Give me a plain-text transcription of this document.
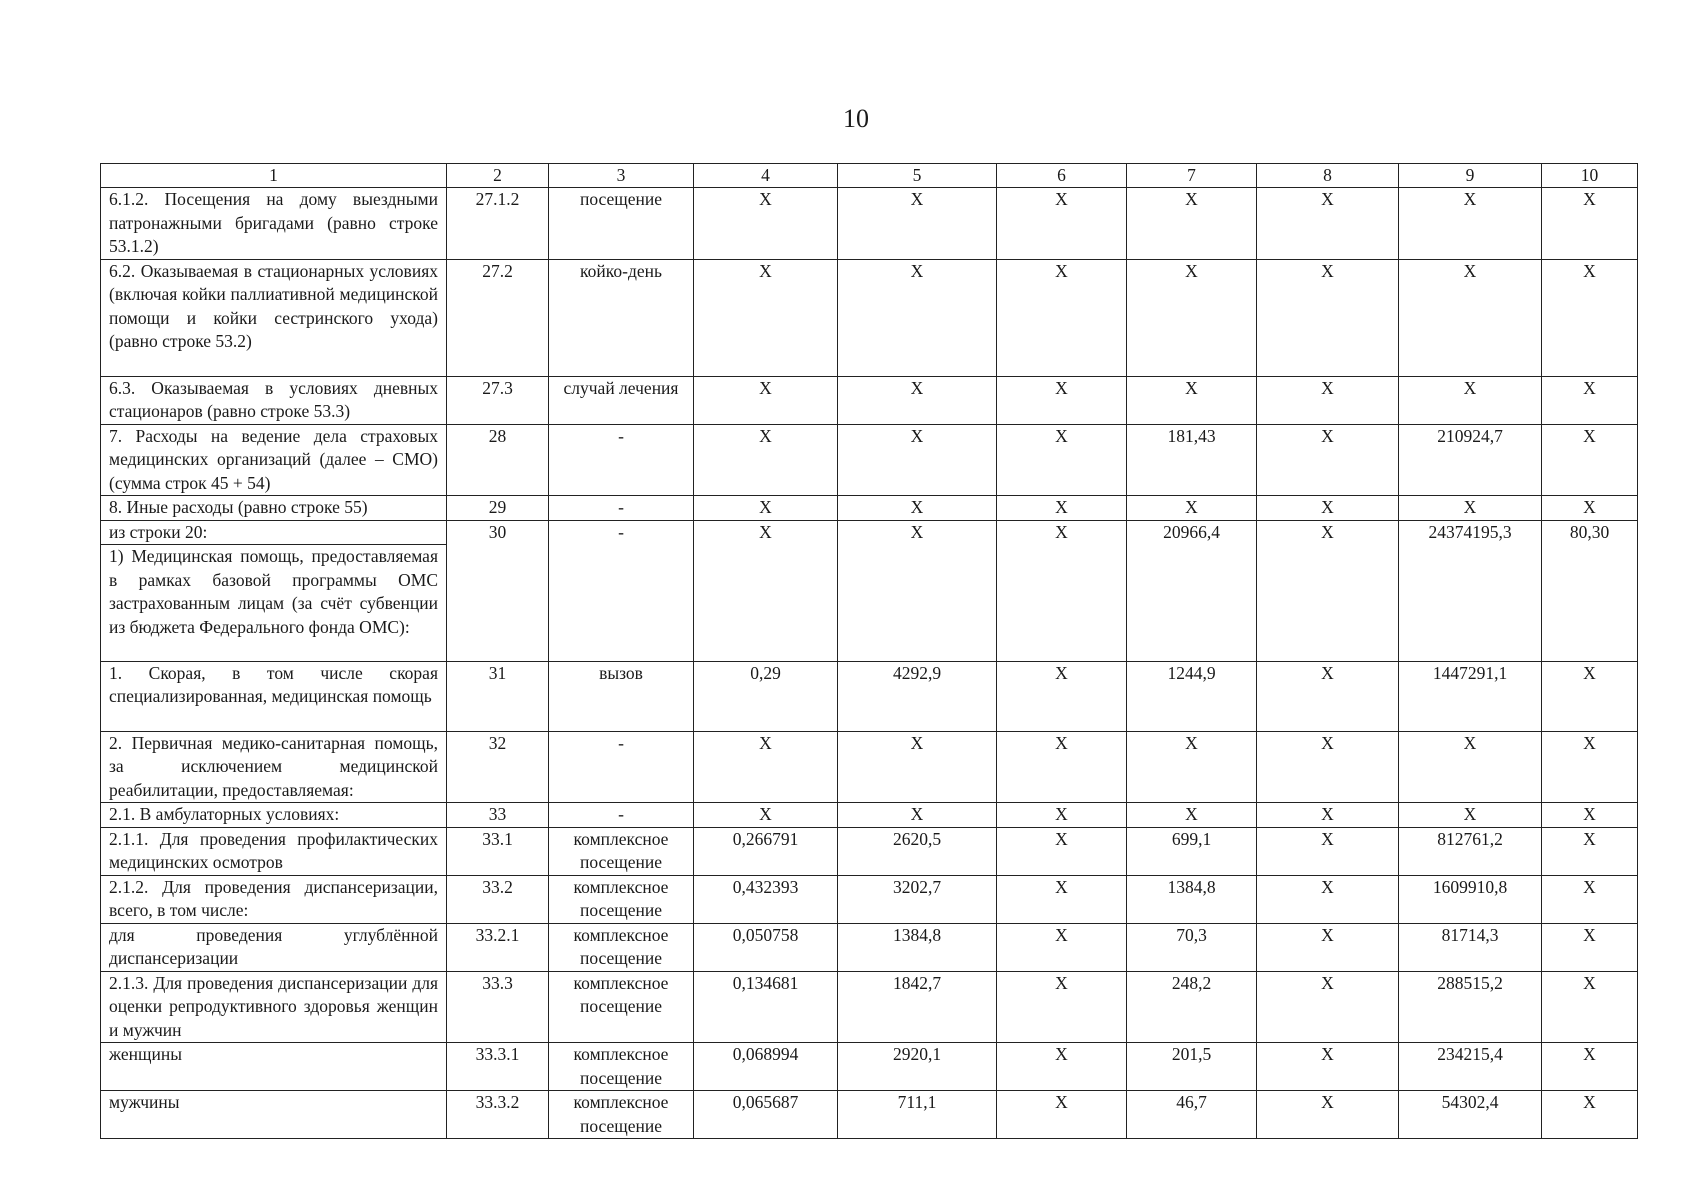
10
1	2	3	4	5	6	7	8	9	10
6.1.2. Посещения на дому выездными патронажными бригадами (равно строке 53.1.2)	27.1.2	посещение	Х	Х	Х	Х	Х	Х	Х
6.2. Оказываемая в стационарных условиях (включая койки паллиативной медицинской помощи и койки сестринского ухода) (равно строке 53.2)	27.2	койко-день	Х	Х	Х	Х	Х	Х	Х
6.3. Оказываемая в условиях дневных стационаров (равно строке 53.3)	27.3	случай лечения	Х	Х	Х	Х	Х	Х	Х
7. Расходы на ведение дела страховых медицинских организаций (далее – СМО) (сумма строк 45 + 54)	28	-	Х	Х	Х	181,43	Х	210924,7	Х
8. Иные расходы (равно строке 55)	29	-	Х	Х	Х	Х	Х	Х	Х

из строки 20:
1) Медицинская помощь, предоставляемая в рамках базовой программы ОМС застрахованным лицам (за счёт субвенции из бюджета Федерального фонда ОМС):	30	-	Х	Х	Х	20966,4	Х	24374195,3	80,30
1. Скорая, в том числе скорая специализированная, медицинская помощь	31	вызов	0,29	4292,9	Х	1244,9	Х	1447291,1	Х
2. Первичная медико-санитарная помощь, за исключением медицинской реабилитации, предоставляемая:	32	-	Х	Х	Х	Х	Х	Х	Х
2.1. В амбулаторных условиях:	33	-	Х	Х	Х	Х	Х	Х	Х
2.1.1. Для проведения профилактических медицинских осмотров	33.1	комплексное посещение	0,266791	2620,5	Х	699,1	Х	812761,2	Х
2.1.2. Для проведения диспансеризации, всего, в том числе:	33.2	комплексное посещение	0,432393	3202,7	Х	1384,8	Х	1609910,8	Х
для проведения углублённой диспансеризации	33.2.1	комплексное посещение	0,050758	1384,8	Х	70,3	Х	81714,3	Х
2.1.3. Для проведения диспансеризации для оценки репродуктивного здоровья женщин и мужчин	33.3	комплексное посещение	0,134681	1842,7	Х	248,2	Х	288515,2	Х
женщины	33.3.1	комплексное посещение	0,068994	2920,1	Х	201,5	Х	234215,4	Х
мужчины	33.3.2	комплексное посещение	0,065687	711,1	Х	46,7	Х	54302,4	Х
